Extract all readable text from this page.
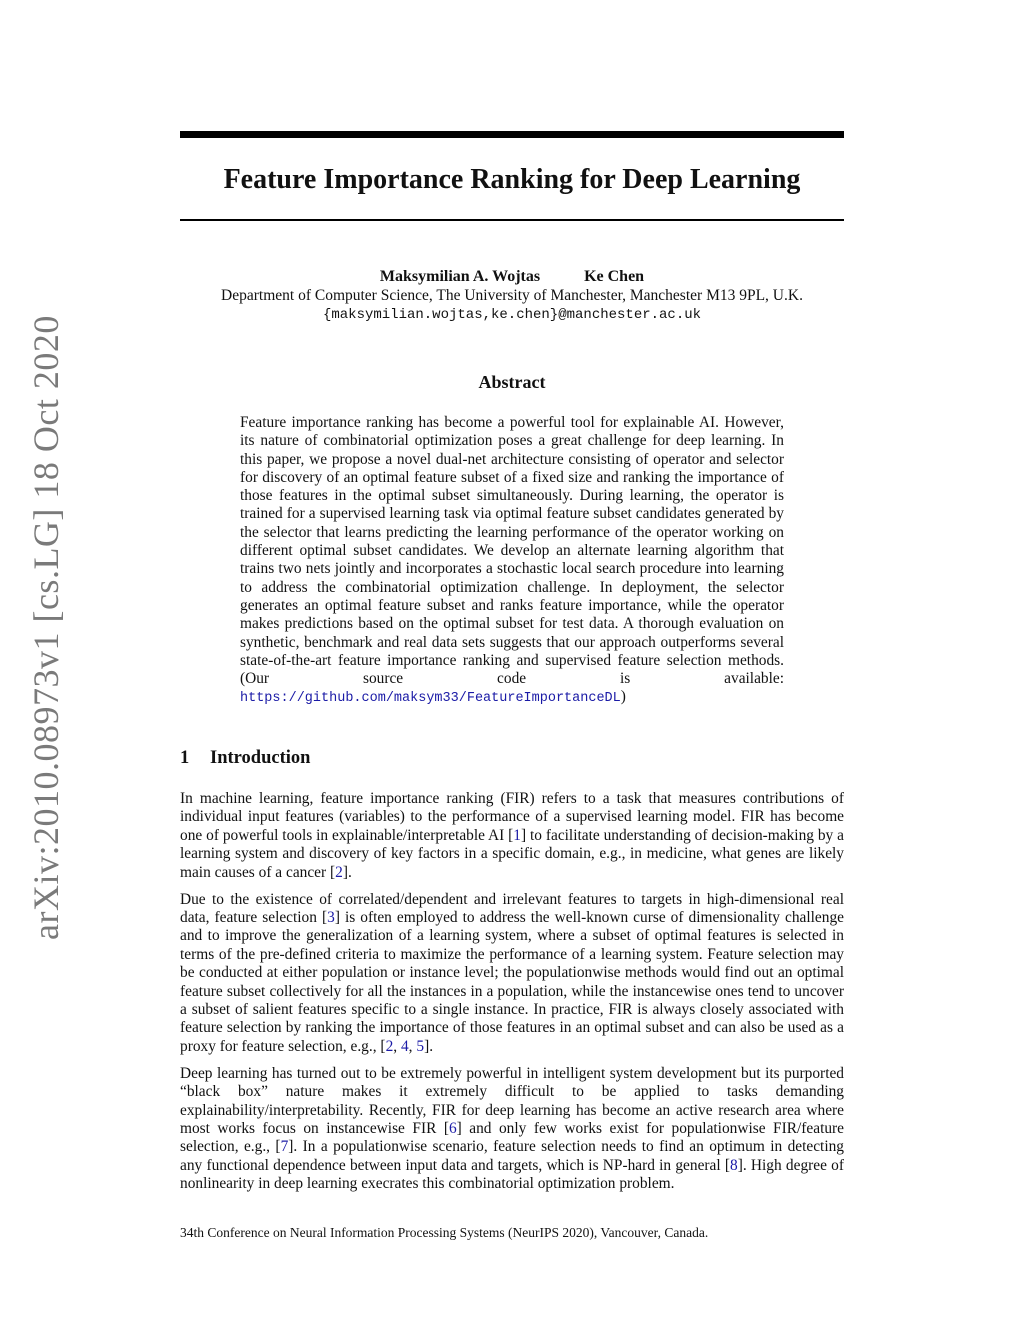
arXiv:2010.08973v1 [cs.LG] 18 Oct 2020
Feature Importance Ranking for Deep Learning
Maksymilian A. Wojtas	Ke Chen
Department of Computer Science, The University of Manchester, Manchester M13 9PL, U.K.
{maksymilian.wojtas,ke.chen}@manchester.ac.uk
Abstract
Feature importance ranking has become a powerful tool for explainable AI. However, its nature of combinatorial optimization poses a great challenge for deep learning. In this paper, we propose a novel dual-net architecture consisting of operator and selector for discovery of an optimal feature subset of a fixed size and ranking the importance of those features in the optimal subset simultaneously. During learning, the operator is trained for a supervised learning task via optimal feature subset candidates generated by the selector that learns predicting the learning performance of the operator working on different optimal subset candidates. We develop an alternate learning algorithm that trains two nets jointly and incorporates a stochastic local search procedure into learning to address the combinatorial optimization challenge. In deployment, the selector generates an optimal feature subset and ranks feature importance, while the operator makes predictions based on the optimal subset for test data. A thorough evaluation on synthetic, benchmark and real data sets suggests that our approach outperforms several state-of-the-art feature importance ranking and supervised feature selection methods. (Our source code is available: https://github.com/maksym33/FeatureImportanceDL)
1 Introduction

In machine learning, feature importance ranking (FIR) refers to a task that measures contributions of individual input features (variables) to the performance of a supervised learning model. FIR has become one of powerful tools in explainable/interpretable AI [1] to facilitate understanding of decision-making by a learning system and discovery of key factors in a specific domain, e.g., in medicine, what genes are likely main causes of a cancer [2].

Due to the existence of correlated/dependent and irrelevant features to targets in high-dimensional real data, feature selection [3] is often employed to address the well-known curse of dimensionality challenge and to improve the generalization of a learning system, where a subset of optimal features is selected in terms of the pre-defined criteria to maximize the performance of a learning system. Feature selection may be conducted at either population or instance level; the populationwise methods would find out an optimal feature subset collectively for all the instances in a population, while the instancewise ones tend to uncover a subset of salient features specific to a single instance. In practice, FIR is always closely associated with feature selection by ranking the importance of those features in an optimal subset and can also be used as a proxy for feature selection, e.g., [2, 4, 5].

Deep learning has turned out to be extremely powerful in intelligent system development but its purported “black box” nature makes it extremely difficult to be applied to tasks demanding explainability/interpretability. Recently, FIR for deep learning has become an active research area where most works focus on instancewise FIR [6] and only few works exist for populationwise FIR/feature selection, e.g., [7]. In a populationwise scenario, feature selection needs to find an optimum in detecting any functional dependence between input data and targets, which is NP-hard in general [8]. High degree of nonlinearity in deep learning execrates this combinatorial optimization problem.

34th Conference on Neural Information Processing Systems (NeurIPS 2020), Vancouver, Canada.
